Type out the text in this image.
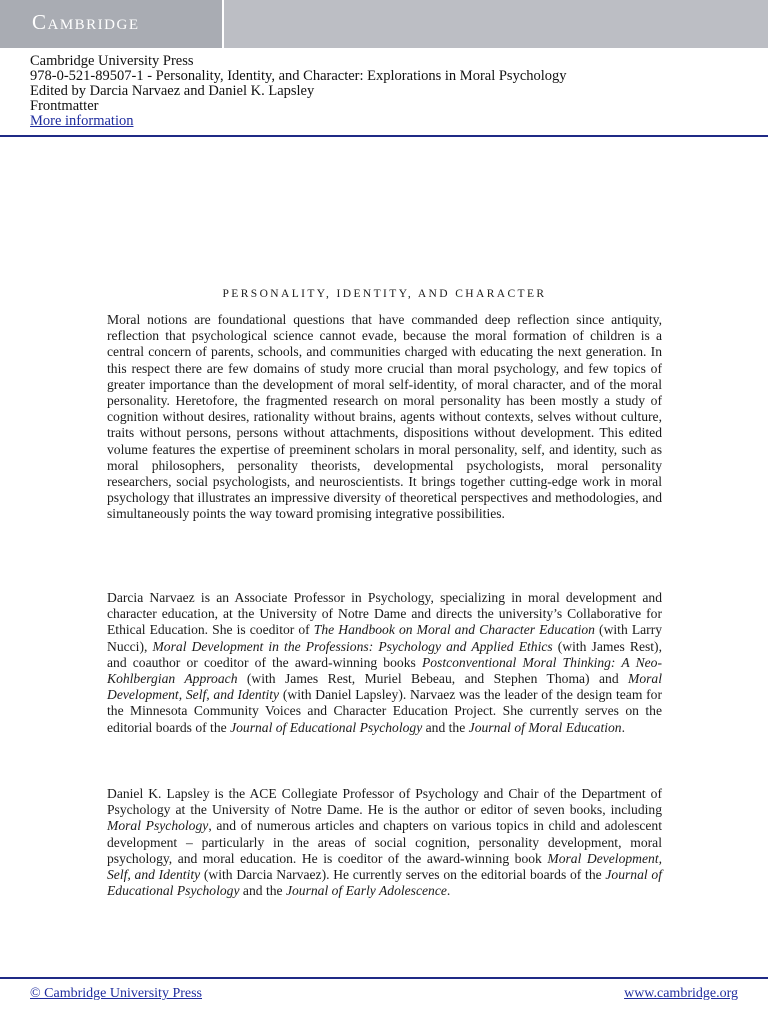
Cambridge
Cambridge University Press
978-0-521-89507-1 - Personality, Identity, and Character: Explorations in Moral Psychology
Edited by Darcia Narvaez and Daniel K. Lapsley
Frontmatter
More information
PERSONALITY, IDENTITY, AND CHARACTER

Moral notions are foundational questions that have commanded deep reflection since antiquity, reflection that psychological science cannot evade, because the moral formation of children is a central concern of parents, schools, and communities charged with educating the next generation. In this respect there are few domains of study more crucial than moral psychology, and few topics of greater importance than the development of moral self-identity, of moral character, and of the moral personality. Heretofore, the fragmented research on moral personality has been mostly a study of cognition without desires, rationality without brains, agents without contexts, selves without culture, traits without persons, persons without attachments, dispositions without development. This edited volume features the expertise of preeminent scholars in moral personality, self, and identity, such as moral philosophers, personality theorists, developmental psychologists, moral personality researchers, social psychologists, and neuroscientists. It brings together cutting-edge work in moral psychology that illustrates an impressive diversity of theoretical perspectives and methodologies, and simultaneously points the way toward promising integrative possibilities.

Darcia Narvaez is an Associate Professor in Psychology, specializing in moral development and character education, at the University of Notre Dame and directs the university’s Collaborative for Ethical Education. She is coeditor of The Handbook on Moral and Character Education (with Larry Nucci), Moral Development in the Professions: Psychology and Applied Ethics (with James Rest), and coauthor or coeditor of the award-winning books Postconventional Moral Thinking: A Neo-Kohlbergian Approach (with James Rest, Muriel Bebeau, and Stephen Thoma) and Moral Development, Self, and Identity (with Daniel Lapsley). Narvaez was the leader of the design team for the Minnesota Community Voices and Character Education Project. She currently serves on the editorial boards of the Journal of Educational Psychology and the Journal of Moral Education.

Daniel K. Lapsley is the ACE Collegiate Professor of Psychology and Chair of the Department of Psychology at the University of Notre Dame. He is the author or editor of seven books, including Moral Psychology, and of numerous articles and chapters on various topics in child and adolescent development – particularly in the areas of social cognition, personality development, moral psychology, and moral education. He is coeditor of the award-winning book Moral Development, Self, and Identity (with Darcia Narvaez). He currently serves on the editorial boards of the Journal of Educational Psychology and the Journal of Early Adolescence.

© Cambridge University Press	www.cambridge.org
